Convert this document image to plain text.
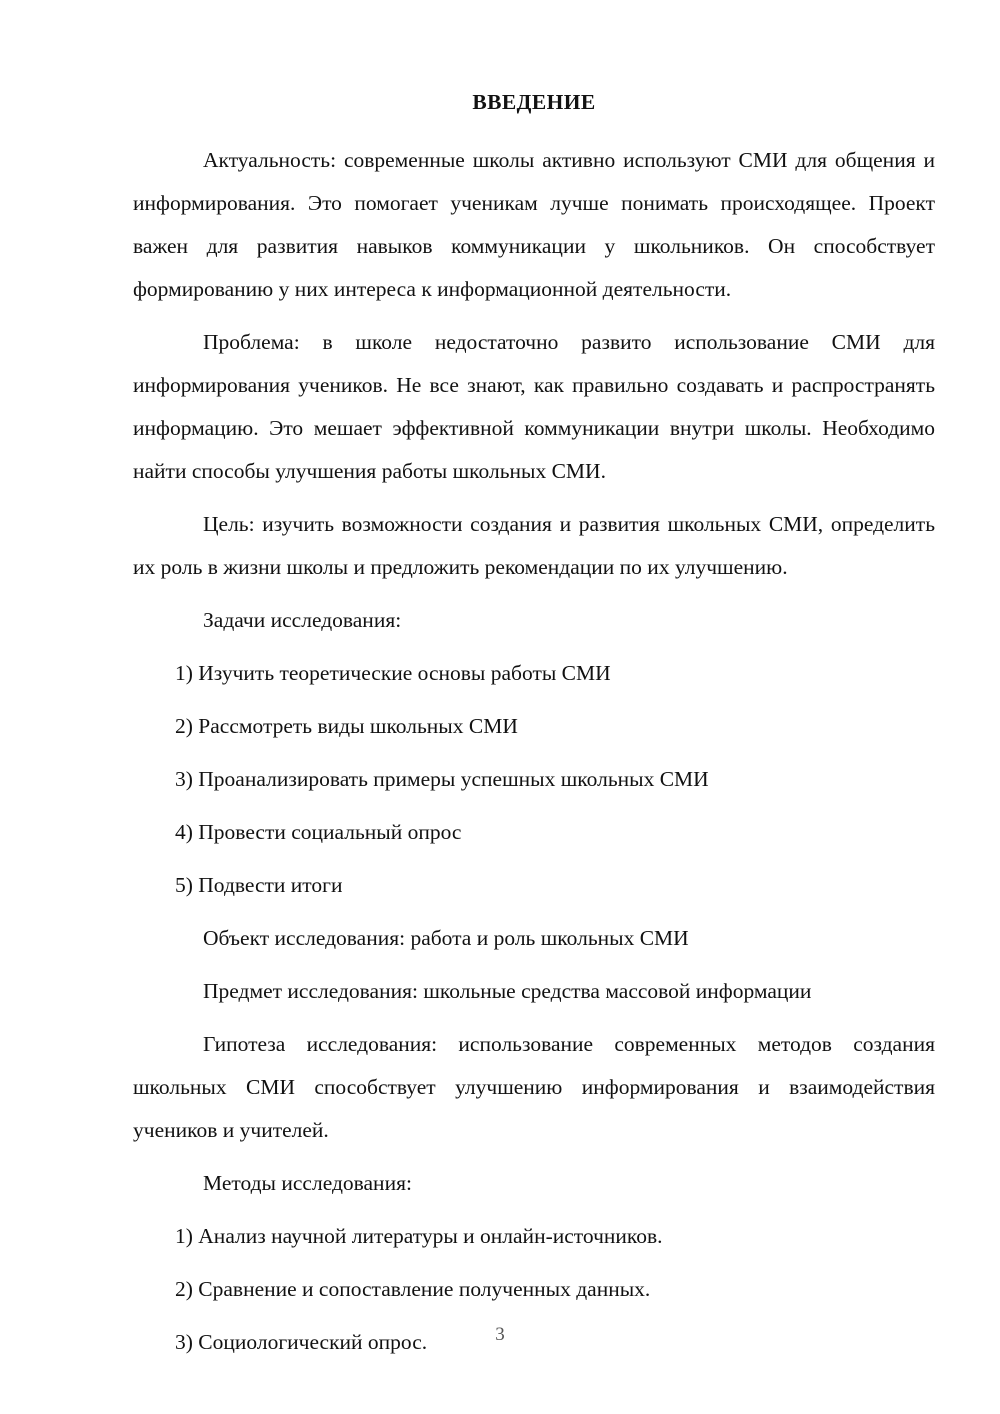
ВВЕДЕНИЕ

Актуальность: современные школы активно используют СМИ для общения и информирования. Это помогает ученикам лучше понимать происходящее. Проект важен для развития навыков коммуникации у школьников. Он способствует формированию у них интереса к информационной деятельности.

Проблема: в школе недостаточно развито использование СМИ для информирования учеников. Не все знают, как правильно создавать и распространять информацию. Это мешает эффективной коммуникации внутри школы. Необходимо найти способы улучшения работы школьных СМИ.

Цель: изучить возможности создания и развития школьных СМИ, определить их роль в жизни школы и предложить рекомендации по их улучшению.

Задачи исследования:

1) Изучить теоретические основы работы СМИ

2) Рассмотреть виды школьных СМИ

3) Проанализировать примеры успешных школьных СМИ

4) Провести социальный опрос

5) Подвести итоги

Объект исследования: работа и роль школьных СМИ

Предмет исследования: школьные средства массовой информации

Гипотеза исследования: использование современных методов создания школьных СМИ способствует улучшению информирования и взаимодействия учеников и учителей.

Методы исследования:

1) Анализ научной литературы и онлайн-источников.

2) Сравнение и сопоставление полученных данных.

3) Социологический опрос.	3
